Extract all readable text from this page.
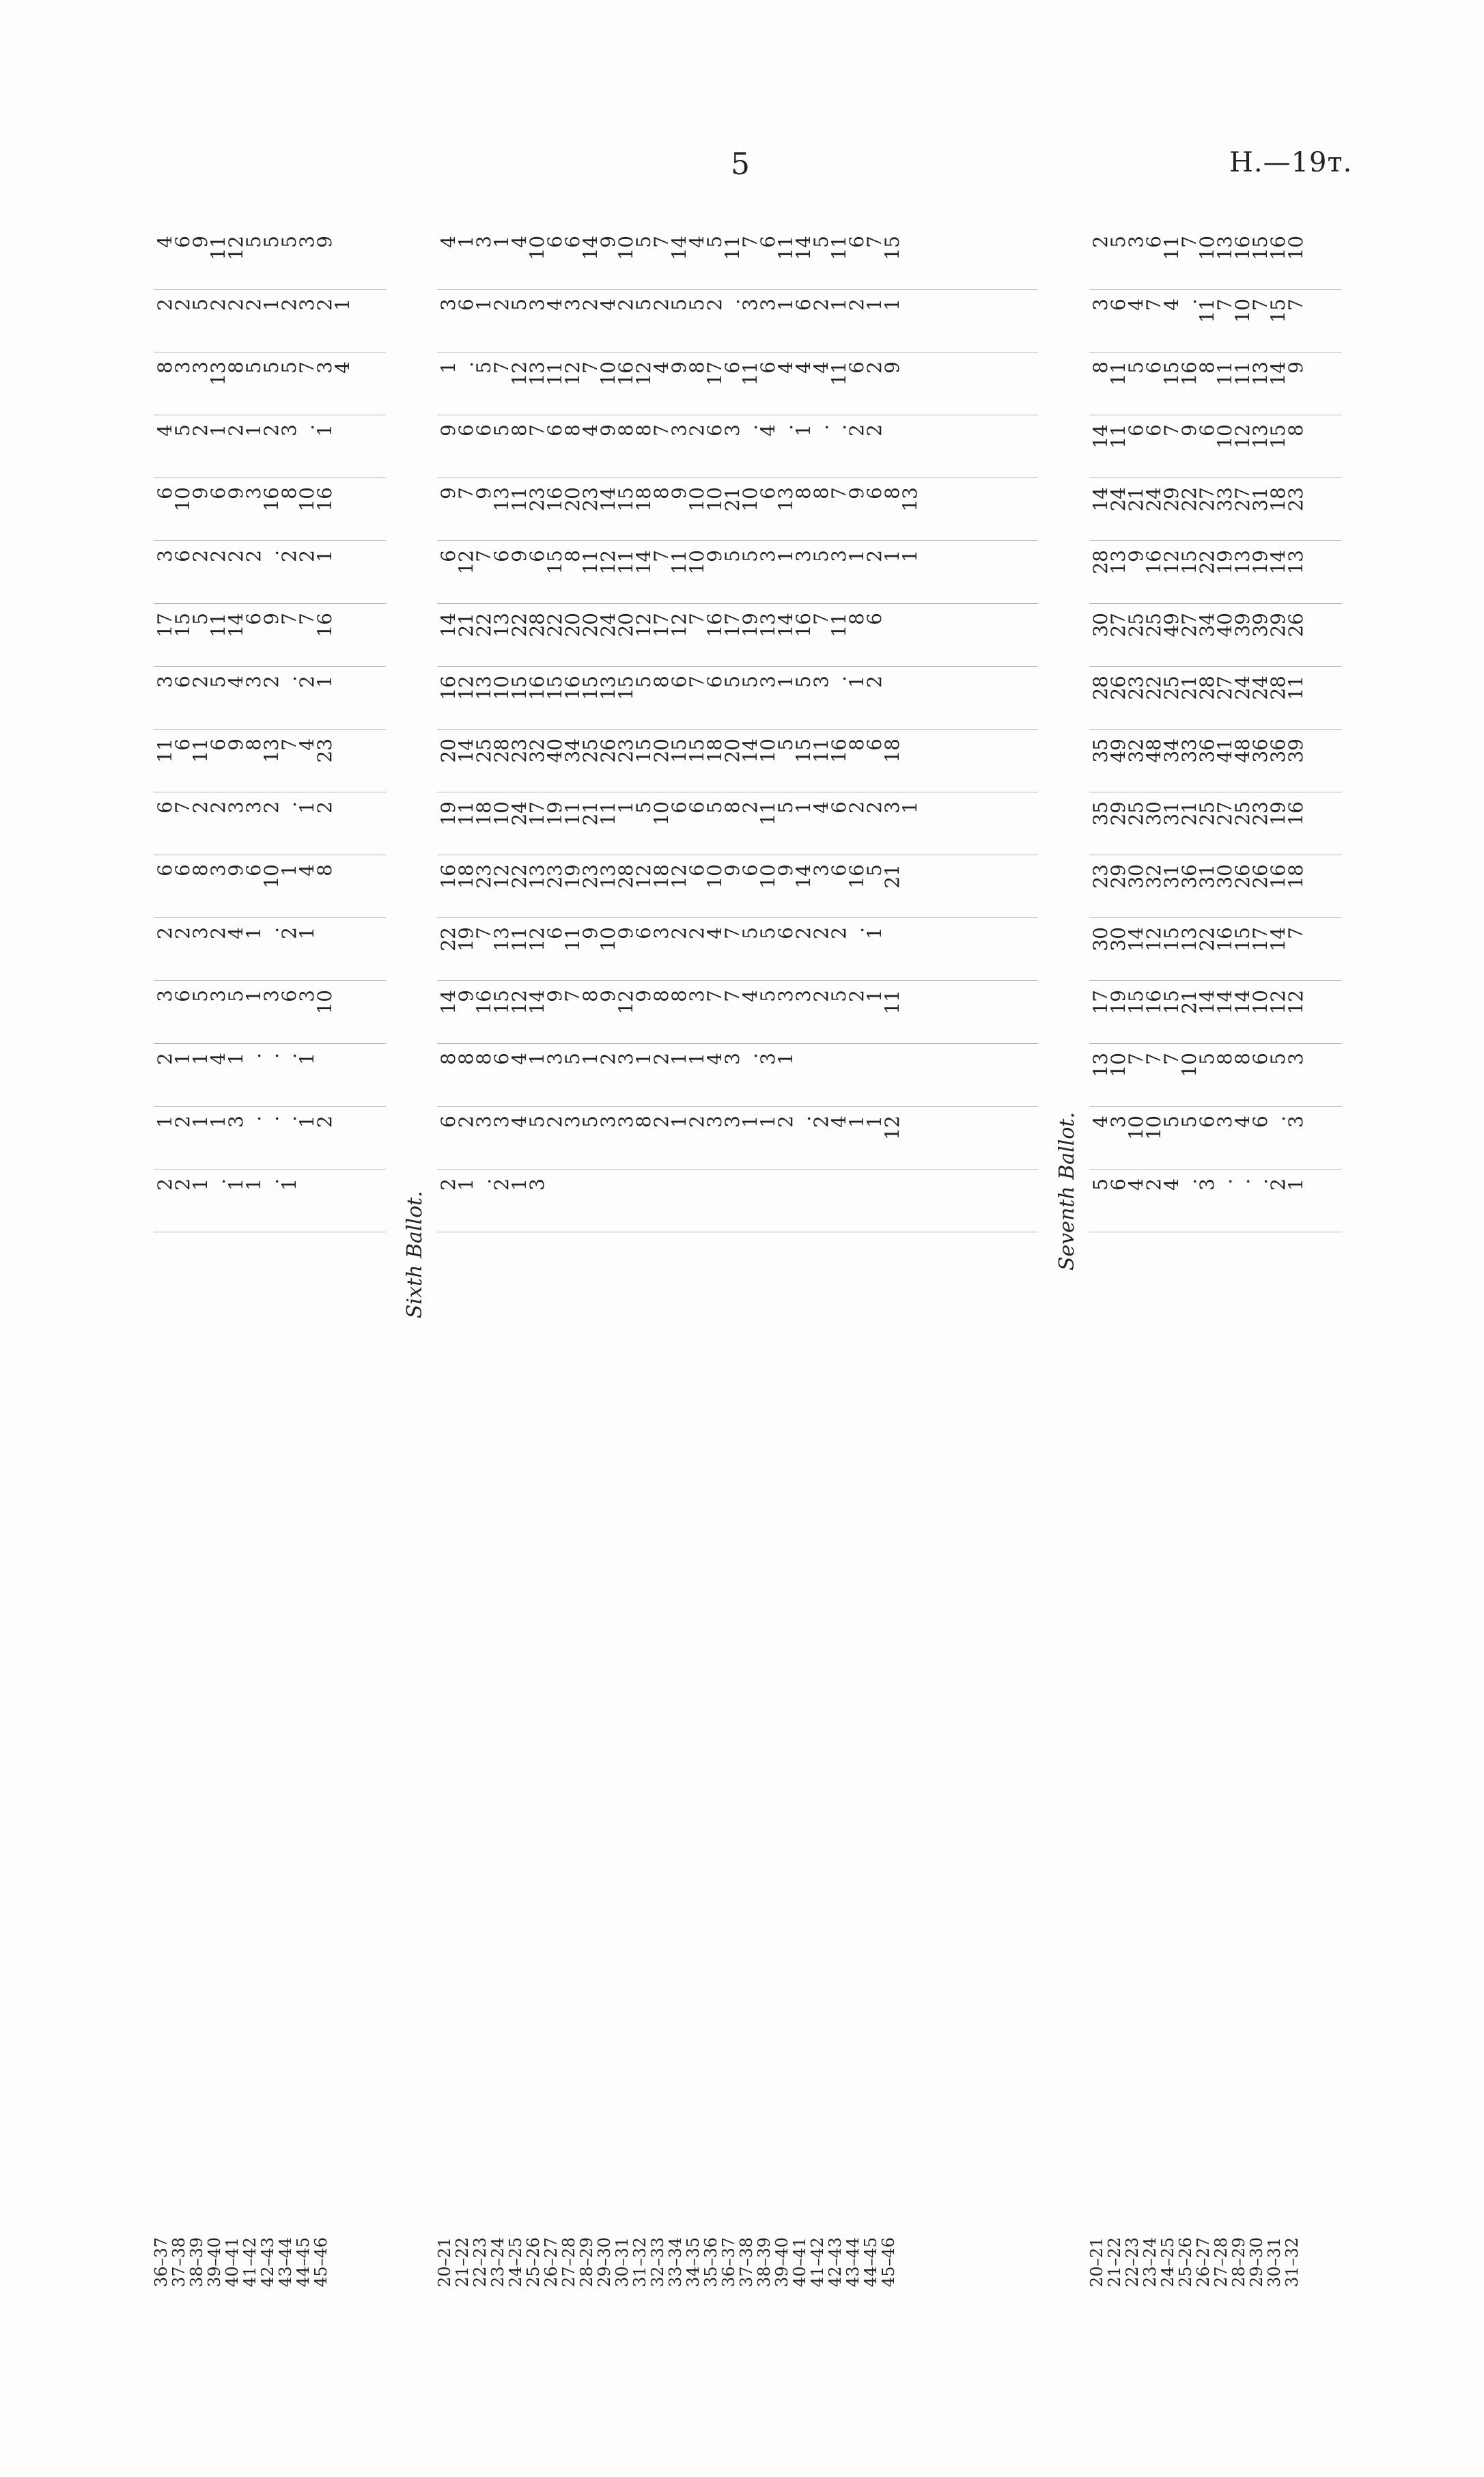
5	H.—19т.
Sixth Ballot.	Seventh Ballot.
4
6
9
11
12
5
5
5
3
9
2
2
5
2
2
2
1
2
3
2
1
8
3
3
13
8
5
5
5
7
3
4
4
5
2
1
2
1
2
3
.
1
6
10
9
6
9
3
16
8
10
16
3
6
2
2
2
2
.
2
2
1
17
15
5
11
14
6
9
7
7
16
3
6
2
5
4
3
2
.
2
1
11
6
11
6
9
8
13
7
4
23
6
7
2
2
3
3
2
.
1
2
6
6
8
3
9
6
10
1
4
8
2
2
3
2
4
1
.
2
1
3
6
5
3
5
1
3
6
3
10
2
1
1
4
1
.
.
.
1
1
2
1
1
3
.
.
.
1
2
2
2
1
.
1
1
.
1
36–37
37–38
38–39
39–40
40–41
41–42
42–43
43–44
44–45
45–46
4
1
3
1
4
10
6
6
14
9
10
5
7
14
4
5
11
7
6
11
14
5
11
6
7
15
3
6
1
2
5
3
4
3
2
4
2
5
2
5
5
2
.
3
3
1
6
2
1
2
1
1
1
.
5
7
12
13
11
12
7
10
16
12
4
9
8
17
6
11
6
4
4
4
11
6
2
9
9
6
6
5
8
7
6
8
4
9
8
8
7
3
2
6
3
.
4
.
1
.
.
2
2
9
7
9
13
11
23
16
20
23
14
15
18
8
9
10
10
21
10
6
13
8
8
7
9
6
8
13
6
12
7
6
9
6
15
8
11
12
11
14
7
11
10
9
5
5
3
1
3
5
3
1
2
1
1
14
21
22
13
22
28
22
20
20
24
20
12
17
12
7
16
17
19
13
14
16
7
11
8
6
16
12
13
10
15
16
15
16
15
13
15
5
8
6
7
6
5
5
3
1
5
3
.
1
2
20
14
25
28
23
32
40
34
25
26
23
15
20
15
15
18
20
14
10
5
15
11
16
8
6
18
19
11
18
10
24
17
19
11
21
11
1
5
10
6
6
5
8
2
11
5
1
4
6
2
2
3
1
16
18
23
12
22
13
23
19
23
13
28
12
18
12
6
10
9
6
10
9
14
3
6
16
5
21
22
19
7
13
11
12
6
11
9
10
9
6
3
2
2
4
7
5
5
6
2
2
2
.
1
14
9
16
15
12
14
9
7
8
9
12
9
8
8
3
7
7
4
5
3
3
2
5
2
1
11
8
8
8
6
4
1
3
5
1
2
3
1
2
1
1
4
3
.
3
1
6
2
3
3
4
5
2
3
5
3
3
8
2
1
2
3
3
1
1
2
.
2
4
1
1
12
2
1
.
2
1
3
20–21
21–22
22–23
23–24
24–25
25–26
26–27
27–28
28–29
29–30
30–31
31–32
32–33
33–34
34–35
35–36
36–37
37–38
38–39
39–40
40–41
41–42
42–43
43–44
44–45
45–46
2
5
3
6
11
7
10
13
16
15
16
10
3
6
4
7
4
.
11
7
10
7
15
7
8
11
5
6
15
16
8
11
11
13
14
9
14
11
6
6
7
9
6
10
12
13
15
8
14
24
21
24
29
22
27
33
27
31
18
23
28
13
9
16
12
15
22
19
13
19
14
13
30
27
25
25
49
27
34
40
39
39
29
26
28
26
23
22
25
21
28
27
24
24
28
11
35
49
32
48
34
33
36
41
48
36
36
39
35
29
25
30
31
21
25
27
25
23
19
16
23
29
30
32
31
36
31
30
26
26
16
18
30
30
14
12
15
13
22
16
15
17
14
7
17
19
15
16
15
21
14
14
14
10
12
12
13
10
7
7
7
10
5
8
8
6
5
3
4
3
10
10
5
5
6
3
4
6
.
3
5
6
4
2
4
.
3
.
.
.
2
1
20–21
21–22
22–23
23–24
24–25
25–26
26–27
27–28
28–29
29–30
30–31
31–32
